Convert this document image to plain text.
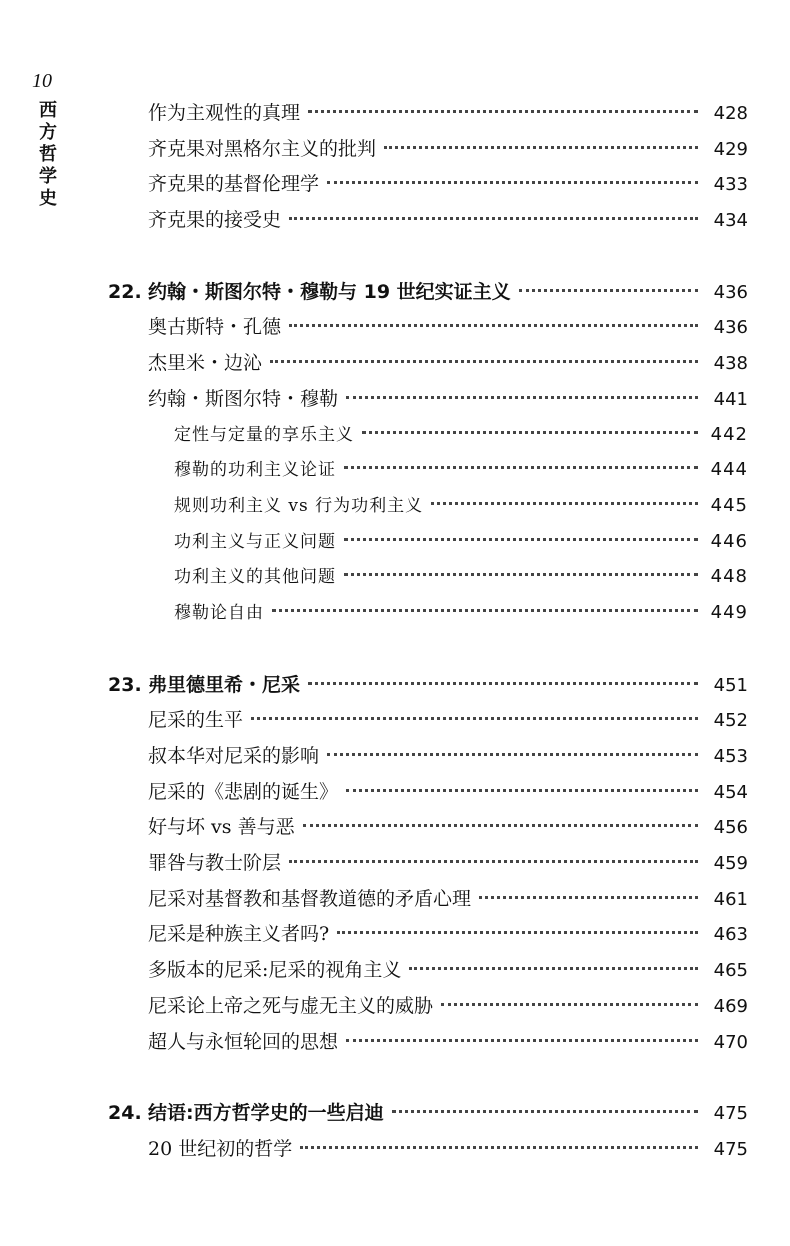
10
西方哲学史
作为主观性的真理	428
齐克果对黑格尔主义的批判	429
齐克果的基督伦理学	433
齐克果的接受史	434
22. 约翰・斯图尔特・穆勒与 19 世纪实证主义	436
奥古斯特・孔德	436
杰里米・边沁	438
约翰・斯图尔特・穆勒	441
定性与定量的享乐主义	442
穆勒的功利主义论证	444
规则功利主义 vs 行为功利主义	445
功利主义与正义问题	446
功利主义的其他问题	448
穆勒论自由	449
23. 弗里德里希・尼采	451
尼采的生平	452
叔本华对尼采的影响	453
尼采的《悲剧的诞生》	454
好与坏 vs 善与恶	456
罪咎与教士阶层	459
尼采对基督教和基督教道德的矛盾心理	461
尼采是种族主义者吗?	463
多版本的尼采:尼采的视角主义	465
尼采论上帝之死与虚无主义的威胁	469
超人与永恒轮回的思想	470
24. 结语:西方哲学史的一些启迪	475
20 世纪初的哲学	475
